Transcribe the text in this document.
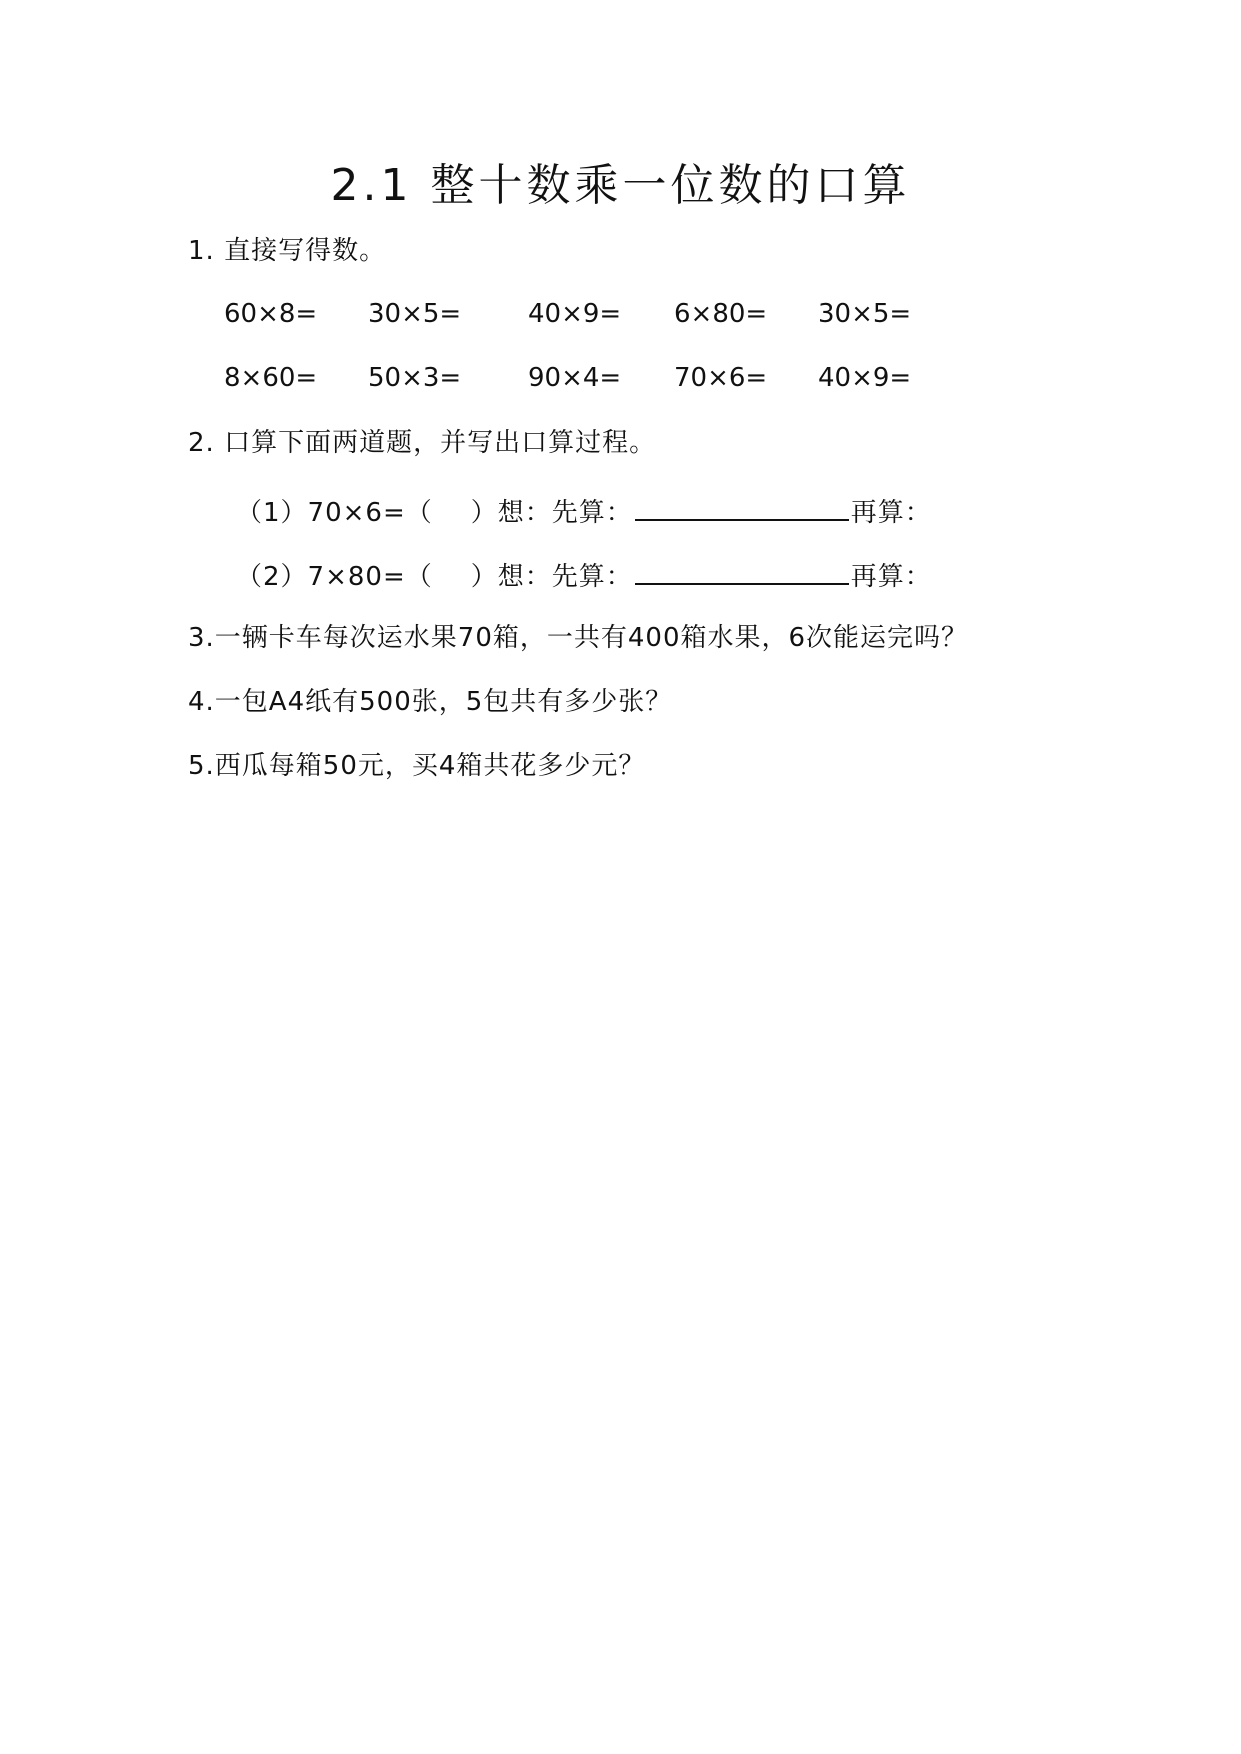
2.1 整十数乘一位数的口算
1. 直接写得数。
60×8= 30×5=	40×9= 6×80= 30×5=
8×60= 50×3=	90×4= 70×6= 40×9=
2. 口算下面两道题，并写出口算过程。
（1）70×6=（ ）想：先算：	再算：
（2）7×80=（ ）想：先算：	再算：
3.一辆卡车每次运水果70箱，一共有400箱水果，6次能运完吗？
4.一包A4纸有500张，5包共有多少张？
5.西瓜每箱50元，买4箱共花多少元？
